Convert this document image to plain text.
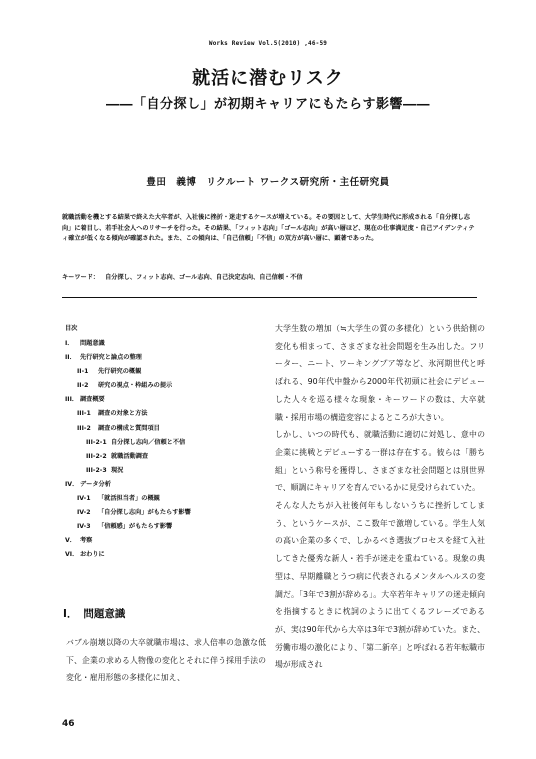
Works Review Vol.5(2010) ,46-59
就活に潜むリスク
――「自分探し」が初期キャリアにもたらす影響――
豊田　義博　リクルート ワークス研究所・主任研究員

就職活動を機とする結果で終えた大卒者が、入社後に挫折・迷走するケースが増えている。その要因として、大学生時代に形成される「自分探し志向」に着目し、若手社会人へのリサーチを行った。その結果、「フィット志向」「ゴール志向」が高い層ほど、現在の仕事満足度・自己アイデンティティ確立が低くなる傾向が確認された。また、この傾向は、「自己信頼」「不信」の双方が高い層に、顕著であった。

キーワード： 自分探し、フィット志向、ゴール志向、自己決定志向、自己信頼・不信
目次
I． 問題意識
II． 先行研究と論点の整理
II-1 先行研究の概観
II-2 研究の視点・枠組みの提示
III． 調査概要
III-1 調査の対象と方法
III-2 調査の構成と質問項目
III-2-1 自分探し志向／信頼と不信
III-2-2 就職活動調査
III-2-3 現況
IV． データ分析
IV-1 「就活担当者」の概観
IV-2 「自分探し志向」がもたらす影響
IV-3 「信頼感」がもたらす影響
V． 考察
VI． おわりに
I． 問題意識

バブル崩壊以降の大卒就職市場は、求人倍率の急激な低下、企業の求める人物像の変化とそれに伴う採用手法の変化・雇用形態の多様化に加え、

大学生数の増加（≒大学生の質の多様化）という供給側の変化も相まって、さまざまな社会問題を生み出した。フリーター、ニート、ワーキングプア等など、氷河期世代と呼ばれる、90年代中盤から2000年代初頭に社会にデビューした人々を巡る様々な現象・キーワードの数は、大卒就職・採用市場の構造変容によるところが大きい。

しかし、いつの時代も、就職活動に適切に対処し、意中の企業に挑戦とデビューする一群は存在する。彼らは「勝ち組」という称号を獲得し、さまざまな社会問題とは別世界で、順調にキャリアを育んでいるかに見受けられていた。

そんな人たちが入社後何年もしないうちに挫折してしまう、というケースが、ここ数年で激増している。学生人気の高い企業の多くで、しかるべき選抜プロセスを経て入社してきた優秀な新人・若手が迷走を重ねている。現象の典型は、早期離職とうつ病に代表されるメンタルヘルスの変調だ。「3年で3割が辞める」。大卒若年キャリアの迷走傾向を指摘するときに枕詞のように出てくるフレーズであるが、実は90年代から大卒は3年で3割が辞めていた。また、労働市場の激化により、「第二新卒」と呼ばれる若年転職市場が形成され

46
